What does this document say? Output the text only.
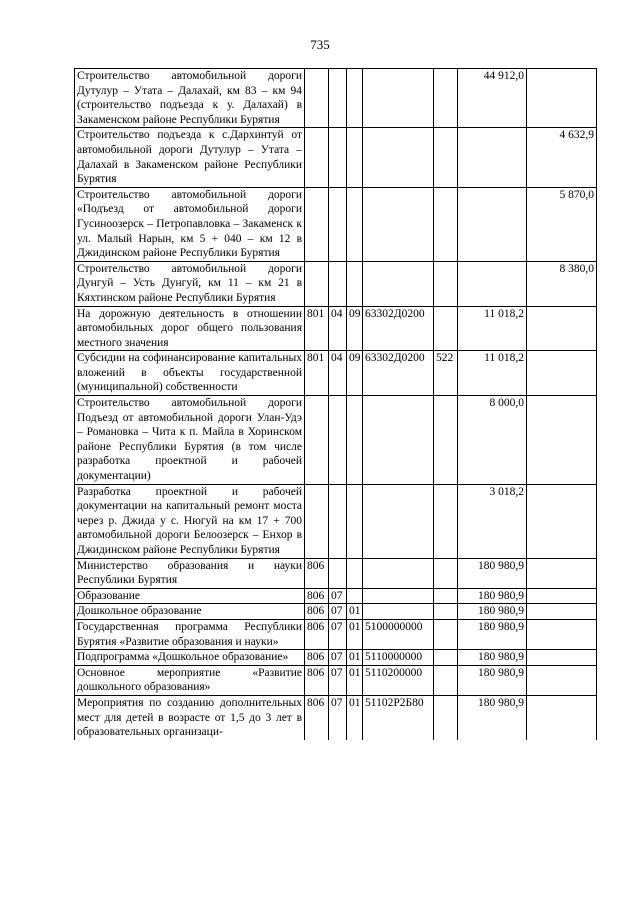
735
Строительство автомобильной дороги Дутулур – Утата – Далахай, км 83 – км 94 (строительство подъезда к у. Далахай) в Закаменском районе Республики Бурятия						44 912,0	
Строительство подъезда к с.Дархинтуй от автомобильной дороги Дутулур – Утата – Далахай в Закаменском районе Республики Бурятия							4 632,9
Строительство автомобильной дороги «Подъезд от автомобильной дороги Гусиноозерск – Петропавловка – Закаменск к ул. Малый Нарын, км 5 + 040 – км 12 в Джидинском районе Республики Бурятия							5 870,0
Строительство автомобильной дороги Дунгуй – Усть Дунгуй, км 11 – км 21 в Кяхтинском районе Республики Бурятия							8 380,0
На дорожную деятельность в отношении автомобильных дорог общего пользования местного значения	801	04	09	63302Д0200		11 018,2	
Субсидии на софинансирование капитальных вложений в объекты государственной (муниципальной) собственности	801	04	09	63302Д0200	522	11 018,2	
Строительство автомобильной дороги Подъезд от автомобильной дороги Улан-Удэ – Романовка – Чита к п. Майла в Хоринском районе Республики Бурятия (в том числе разработка проектной и рабочей документации)						8 000,0	
Разработка проектной и рабочей документации на капитальный ремонт моста через р. Джида у с. Нюгуй на км 17 + 700 автомобильной дороги Белоозерск – Енхор в Джидинском районе Республики Бурятия						3 018,2	
Министерство образования и науки Республики Бурятия	806					180 980,9	
Образование	806	07				180 980,9	
Дошкольное образование	806	07	01			180 980,9	
Государственная программа Республики Бурятия «Развитие образования и науки»	806	07	01	5100000000		180 980,9	
Подпрограмма «Дошкольное образование»	806	07	01	5110000000		180 980,9	
Основное мероприятие «Развитие дошкольного образования»	806	07	01	5110200000		180 980,9	
Мероприятия по созданию дополнительных мест для детей в возрасте от 1,5 до 3 лет в образовательных организаци-	806	07	01	51102Р2Б80		180 980,9	
